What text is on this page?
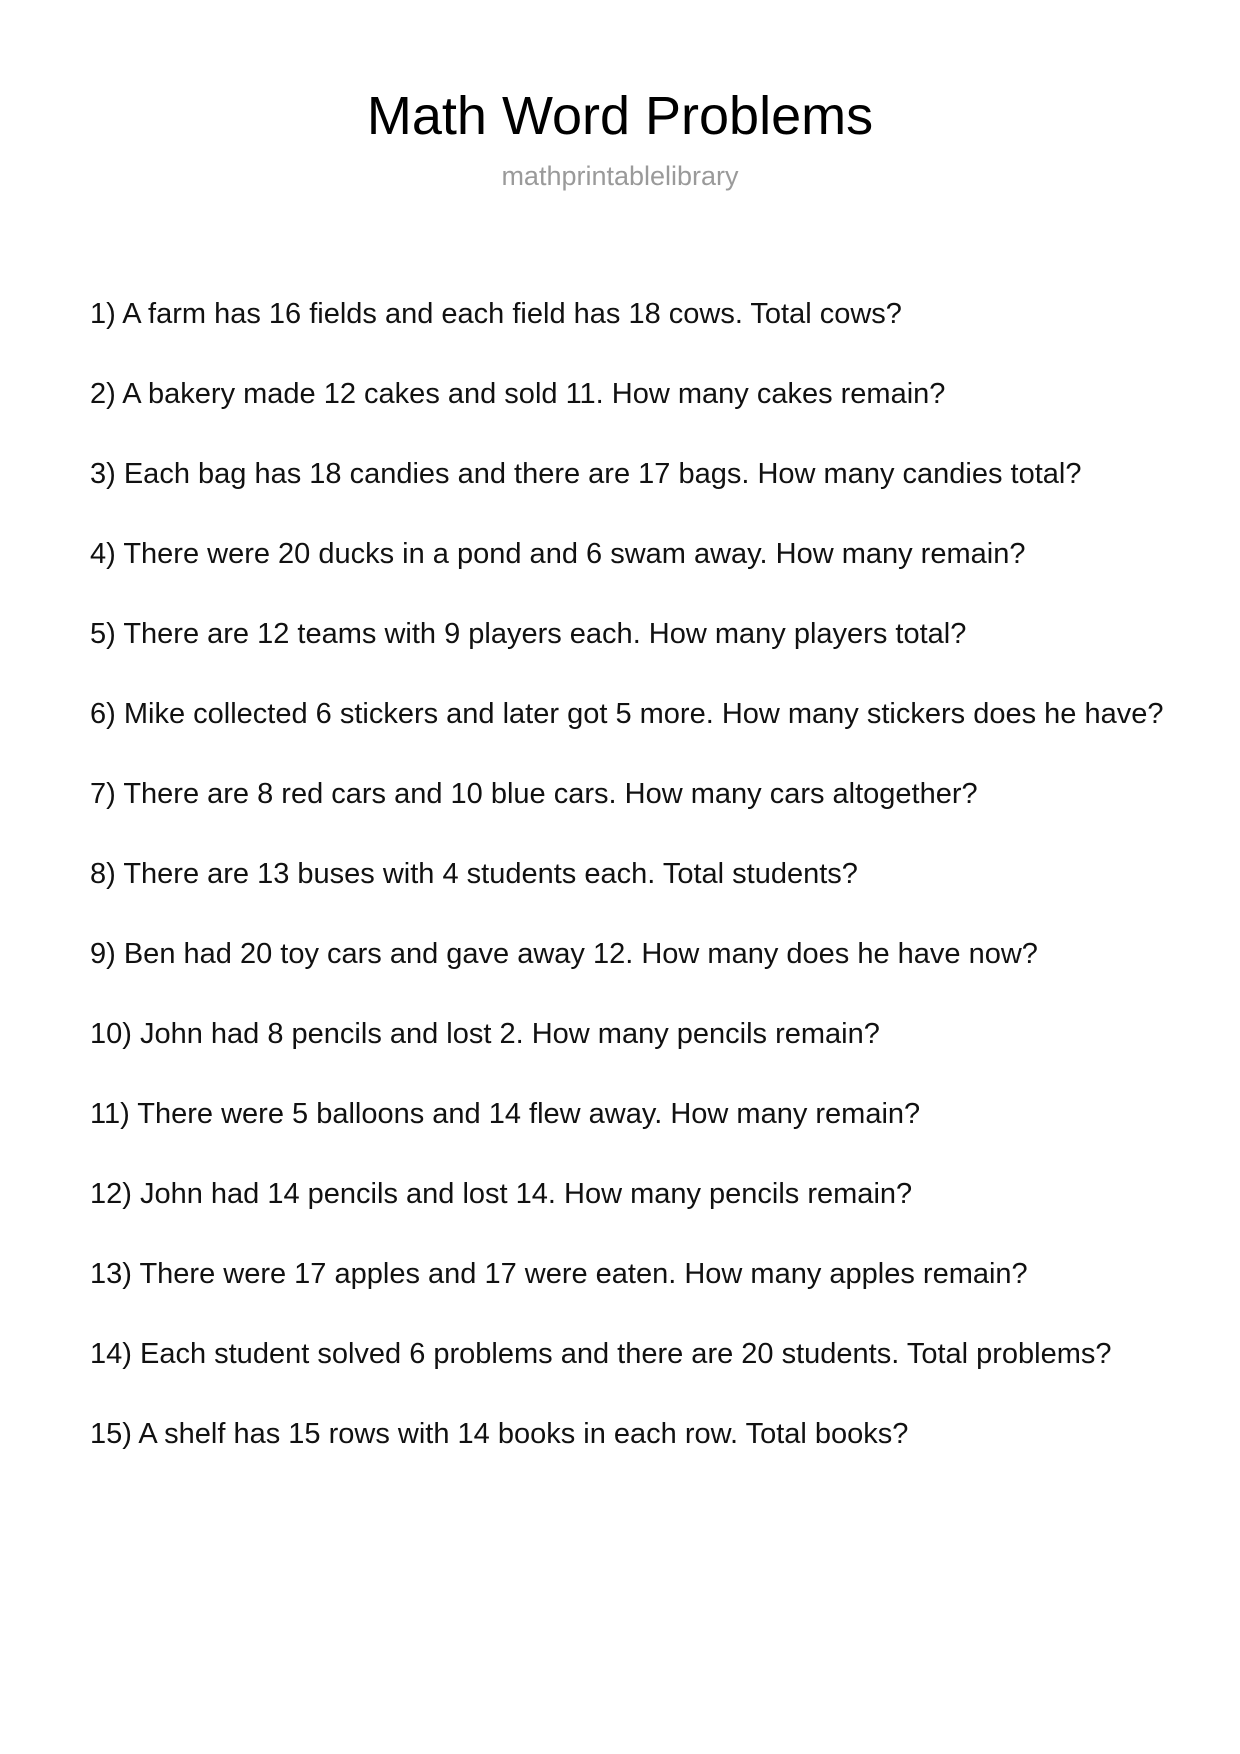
Math Word Problems
mathprintablelibrary
1) A farm has 16 fields and each field has 18 cows. Total cows?
2) A bakery made 12 cakes and sold 11. How many cakes remain?
3) Each bag has 18 candies and there are 17 bags. How many candies total?
4) There were 20 ducks in a pond and 6 swam away. How many remain?
5) There are 12 teams with 9 players each. How many players total?
6) Mike collected 6 stickers and later got 5 more. How many stickers does he have?
7) There are 8 red cars and 10 blue cars. How many cars altogether?
8) There are 13 buses with 4 students each. Total students?
9) Ben had 20 toy cars and gave away 12. How many does he have now?
10) John had 8 pencils and lost 2. How many pencils remain?
11) There were 5 balloons and 14 flew away. How many remain?
12) John had 14 pencils and lost 14. How many pencils remain?
13) There were 17 apples and 17 were eaten. How many apples remain?
14) Each student solved 6 problems and there are 20 students. Total problems?
15) A shelf has 15 rows with 14 books in each row. Total books?
